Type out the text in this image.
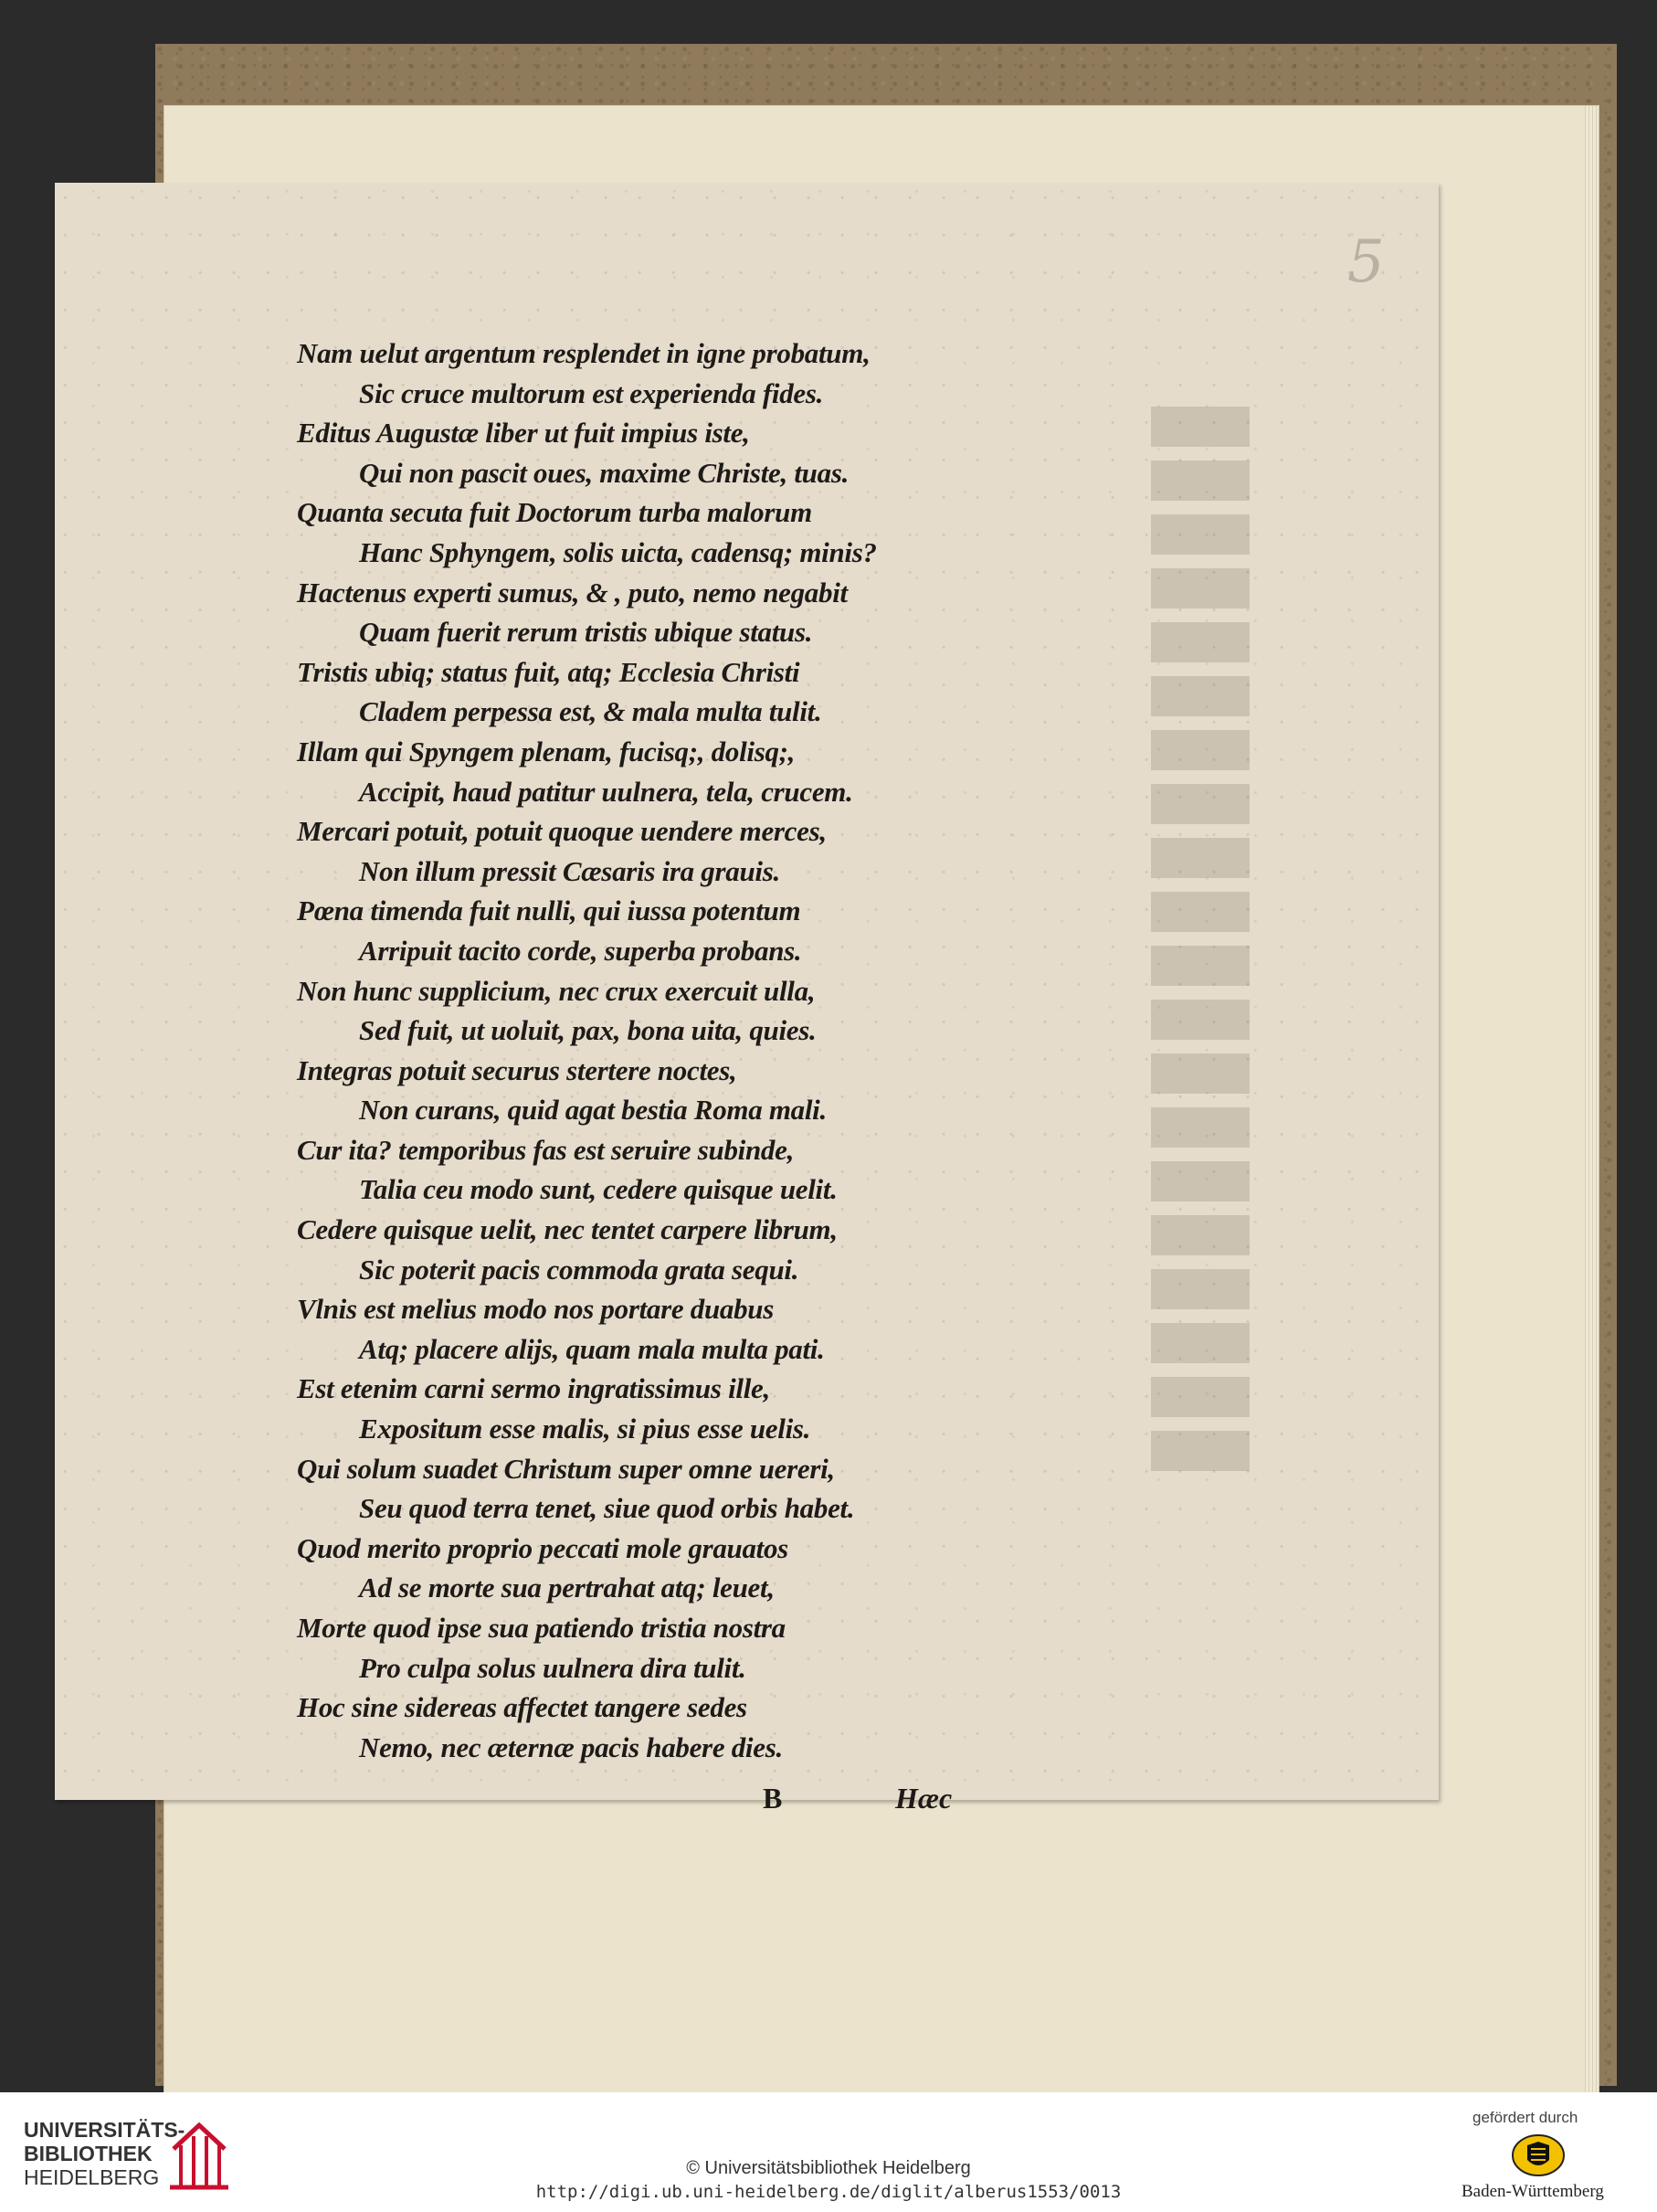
5
Nam uelut argentum resplendet in igne probatum,
Sic cruce multorum est experienda fides.
Editus Augustæ liber ut fuit impius iste,
Qui non pascit oues, maxime Christe, tuas.
Quanta secuta fuit Doctorum turba malorum
Hanc Sphyngem, solis uicta, cadensq; minis?
Hactenus experti sumus, & , puto, nemo negabit
Quam fuerit rerum tristis ubique status.
Tristis ubiq; status fuit, atq; Ecclesia Christi
Cladem perpessa est, & mala multa tulit.
Illam qui Spyngem plenam, fucisq;, dolisq;,
Accipit, haud patitur uulnera, tela, crucem.
Mercari potuit, potuit quoque uendere merces,
Non illum pressit Cæsaris ira grauis.
Pœna timenda fuit nulli, qui iussa potentum
Arripuit tacito corde, superba probans.
Non hunc supplicium, nec crux exercuit ulla,
Sed fuit, ut uoluit, pax, bona uita, quies.
Integras potuit securus stertere noctes,
Non curans, quid agat bestia Roma mali.
Cur ita? temporibus fas est seruire subinde,
Talia ceu modo sunt, cedere quisque uelit.
Cedere quisque uelit, nec tentet carpere librum,
Sic poterit pacis commoda grata sequi.
Vlnis est melius modo nos portare duabus
Atq; placere alijs, quam mala multa pati.
Est etenim carni sermo ingratissimus ille,
Expositum esse malis, si pius esse uelis.
Qui solum suadet Christum super omne uereri,
Seu quod terra tenet, siue quod orbis habet.
Quod merito proprio peccati mole grauatos
Ad se morte sua pertrahat atq; leuet,
Morte quod ipse sua patiendo tristia nostra
Pro culpa solus uulnera dira tulit.
Hoc sine sidereas affectet tangere sedes
Nemo, nec æternæ pacis habere dies.
B	Hæc
UNIVERSITÄTS-
BIBLIOTHEK
HEIDELBERG	© Universitätsbibliothek Heidelberg
http://digi.ub.uni-heidelberg.de/diglit/alberus1553/0013
gefördert durch
Baden-Württemberg
